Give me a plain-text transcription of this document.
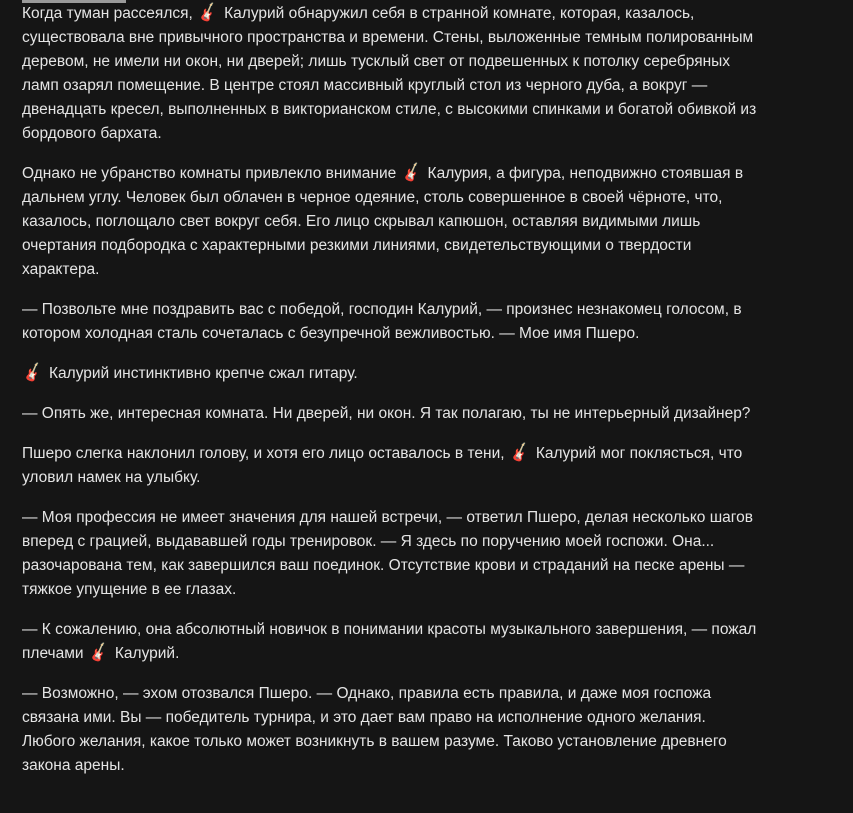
Когда туман рассеялся, 🎸 Калурий обнаружил себя в странной комнате, которая, казалось, существовала вне привычного пространства и времени. Стены, выложенные темным полированным деревом, не имели ни окон, ни дверей; лишь тусклый свет от подвешенных к потолку серебряных ламп озарял помещение. В центре стоял массивный круглый стол из черного дуба, а вокруг — двенадцать кресел, выполненных в викторианском стиле, с высокими спинками и богатой обивкой из бордового бархата.

Однако не убранство комнаты привлекло внимание 🎸 Калурия, а фигура, неподвижно стоявшая в дальнем углу. Человек был облачен в черное одеяние, столь совершенное в своей чёрноте, что, казалось, поглощало свет вокруг себя. Его лицо скрывал капюшон, оставляя видимыми лишь очертания подбородка с характерными резкими линиями, свидетельствующими о твердости характера.

— Позвольте мне поздравить вас с победой, господин Калурий, — произнес незнакомец голосом, в котором холодная сталь сочеталась с безупречной вежливостью. — Мое имя Пшеро.

🎸 Калурий инстинктивно крепче сжал гитару.

— Опять же, интересная комната. Ни дверей, ни окон. Я так полагаю, ты не интерьерный дизайнер?

Пшеро слегка наклонил голову, и хотя его лицо оставалось в тени, 🎸 Калурий мог поклясться, что уловил намек на улыбку.

— Моя профессия не имеет значения для нашей встречи, — ответил Пшеро, делая несколько шагов вперед с грацией, выдававшей годы тренировок. — Я здесь по поручению моей госпожи. Она... разочарована тем, как завершился ваш поединок. Отсутствие крови и страданий на песке арены — тяжкое упущение в ее глазах.

— К сожалению, она абсолютный новичок в понимании красоты музыкального завершения, — пожал плечами 🎸 Калурий.

— Возможно, — эхом отозвался Пшеро. — Однако, правила есть правила, и даже моя госпожа связана ими. Вы — победитель турнира, и это дает вам право на исполнение одного желания. Любого желания, какое только может возникнуть в вашем разуме. Таково установление древнего закона арены.
